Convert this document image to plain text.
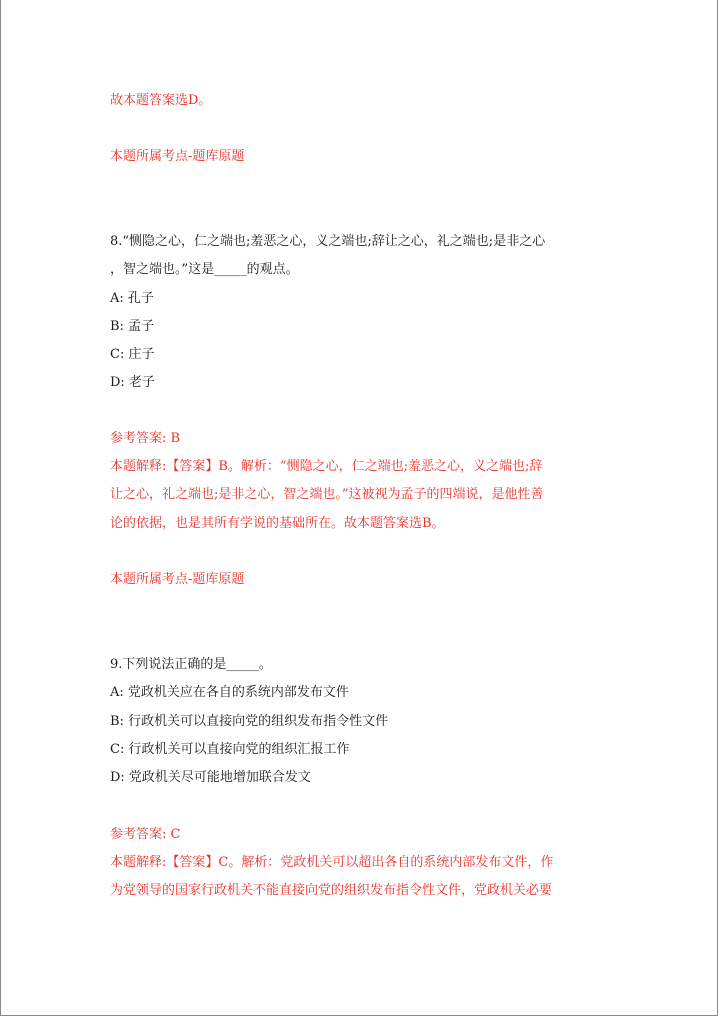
故本题答案选D。
本题所属考点-题库原题
8.“恻隐之心，仁之端也;羞恶之心，义之端也;辞让之心，礼之端也;是非之心
，智之端也。”这是_____的观点。
A: 孔子
B: 孟子
C: 庄子
D: 老子
参考答案: B
本题解释:【答案】B。解析：“恻隐之心，仁之端也;羞恶之心，义之端也;辞
让之心，礼之端也;是非之心，智之端也。”这被视为孟子的四端说，是他性善
论的依据，也是其所有学说的基础所在。故本题答案选B。
本题所属考点-题库原题
9.下列说法正确的是_____。
A: 党政机关应在各自的系统内部发布文件
B: 行政机关可以直接向党的组织发布指令性文件
C: 行政机关可以直接向党的组织汇报工作
D: 党政机关尽可能地增加联合发文
参考答案: C
本题解释:【答案】C。解析：党政机关可以超出各自的系统内部发布文件，作
为党领导的国家行政机关不能直接向党的组织发布指令性文件，党政机关必要
